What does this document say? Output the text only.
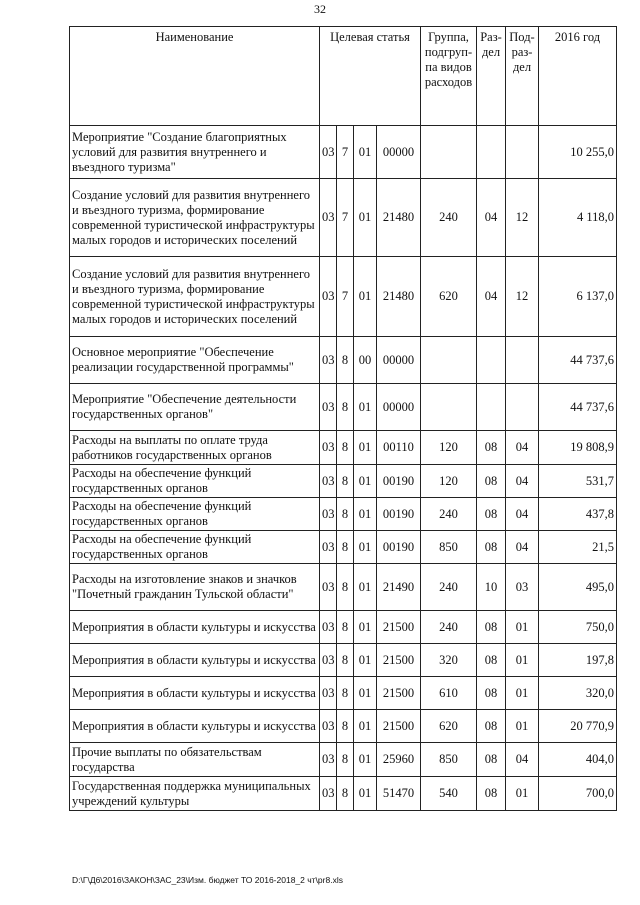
32
Наименование	Целевая статья				Группа, подгруп-па видов расходов	Раз-дел	Под-раз-дел	2016 год
Мероприятие "Создание благоприятных условий для развития внутреннего и въездного туризма"	03	7	01	00000				10 255,0
Создание условий для развития внутреннего и въездного туризма, формирование современной туристической инфраструктуры малых городов и исторических поселений	03	7	01	21480	240	04	12	4 118,0
Создание условий для развития внутреннего и въездного туризма, формирование современной туристической инфраструктуры малых городов и исторических поселений	03	7	01	21480	620	04	12	6 137,0
Основное мероприятие "Обеспечение реализации государственной программы"	03	8	00	00000				44 737,6
Мероприятие "Обеспечение деятельности государственных органов"	03	8	01	00000				44 737,6
Расходы на выплаты по оплате труда работников государственных органов	03	8	01	00110	120	08	04	19 808,9
Расходы на обеспечение функций государственных органов	03	8	01	00190	120	08	04	531,7
Расходы на обеспечение функций государственных органов	03	8	01	00190	240	08	04	437,8
Расходы на обеспечение функций государственных органов	03	8	01	00190	850	08	04	21,5
Расходы на изготовление знаков и значков "Почетный гражданин Тульской области"	03	8	01	21490	240	10	03	495,0
Мероприятия в области культуры и искусства	03	8	01	21500	240	08	01	750,0
Мероприятия в области культуры и искусства	03	8	01	21500	320	08	01	197,8
Мероприятия в области культуры и искусства	03	8	01	21500	610	08	01	320,0
Мероприятия в области культуры и искусства	03	8	01	21500	620	08	01	20 770,9
Прочие выплаты по обязательствам государства	03	8	01	25960	850	08	04	404,0
Государственная поддержка муниципальных учреждений культуры	03	8	01	51470	540	08	01	700,0
D:\Г\Д6\2016\ЗАКОН\ЗАС_23\Изм. бюджет ТО 2016-2018_2 чт\pr8.xls
